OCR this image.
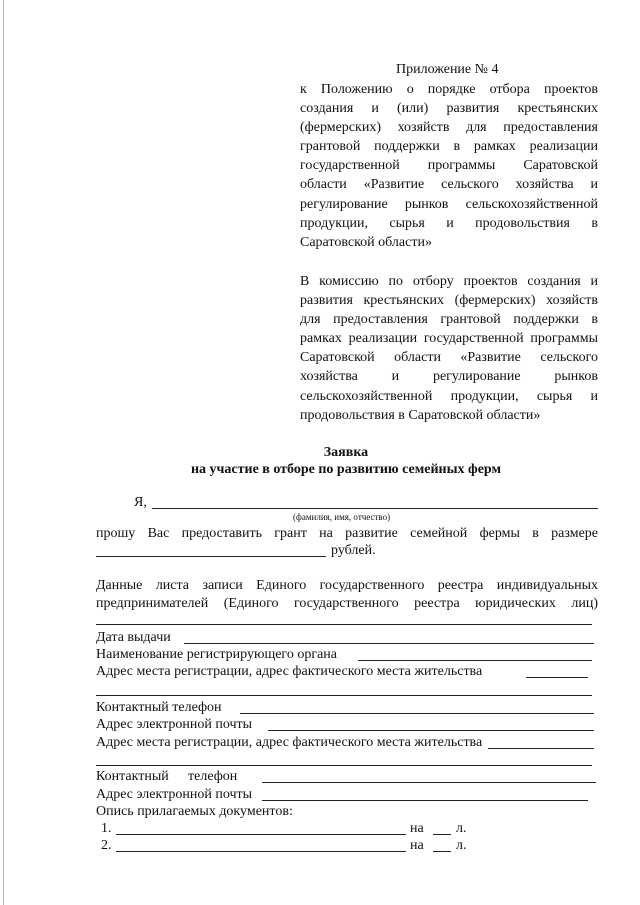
Приложение № 4
к Положению о порядке отбора проектов создания и (или) развития крестьянских (фермерских) хозяйств для предоставления грантовой поддержки в рамках реализации государственной программы Саратовской области «Развитие сельского хозяйства и регулирование рынков сельскохозяйственной продукции, сырья и продовольствия в Саратовской области»
В комиссию по отбору проектов создания и развития крестьянских (фермерских) хозяйств для предоставления грантовой поддержки в рамках реализации государственной программы Саратовской области «Развитие сельского хозяйства и регулирование рынков сельскохозяйственной продукции, сырья и продовольствия в Саратовской области»
Заявка
на участие в отборе по развитию семейных ферм
Я,
(фамилия, имя, отчество)
прошу Вас предоставить грант на развитие семейной фермы в размере
рублей.
Данные листа записи Единого государственного реестра индивидуальных
предпринимателей (Единого государственного реестра юридических лиц)
Дата выдачи
Наименование регистрирующего органа
Адрес места регистрации, адрес фактического места жительства
Контактный телефон
Адрес электронной почты
Адрес места регистрации, адрес фактического места жительства
Контактный телефон
Адрес электронной почты
Опись прилагаемых документов:
1.	на л.
2.	на л.
